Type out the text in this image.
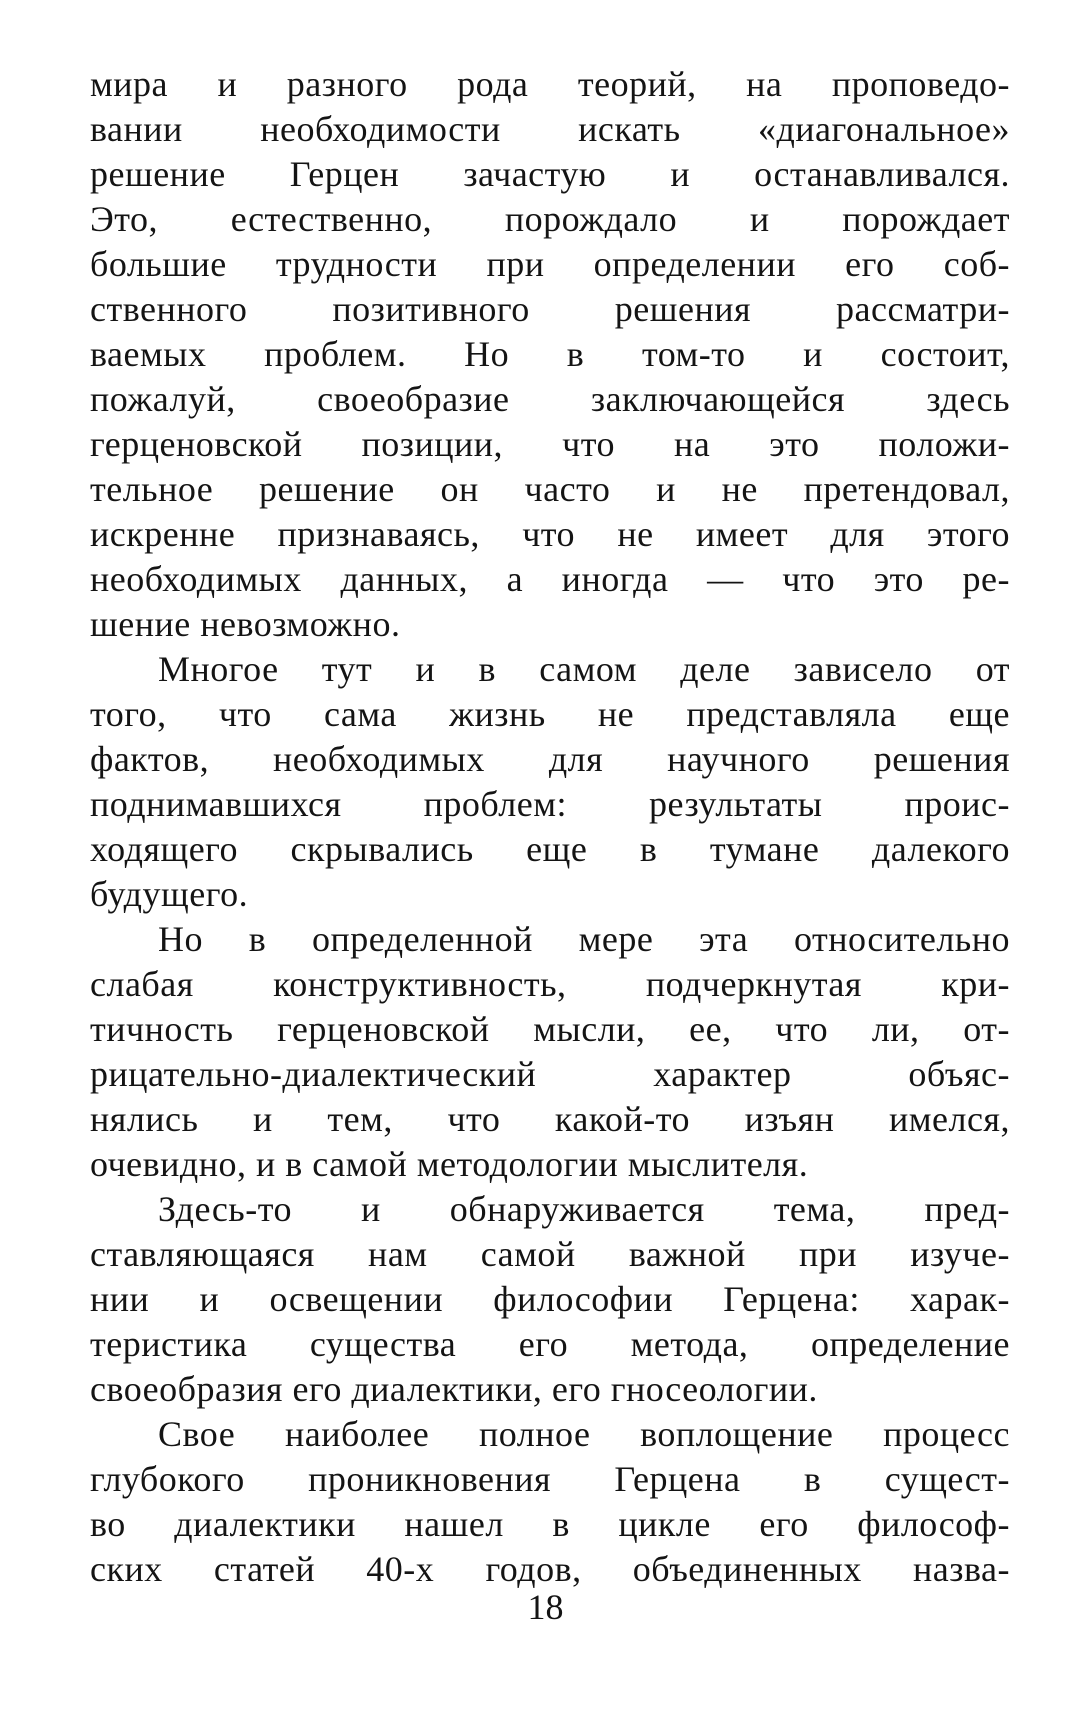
мира и разного рода теорий, на проповедо-
вании необходимости искать «диагональное»
решение Герцен зачастую и останавливался.
Это, естественно, порождало и порождает
большие трудности при определении его соб-
ственного позитивного решения рассматри-
ваемых проблем. Но в том-то и состоит,
пожалуй, своеобразие заключающейся здесь
герценовской позиции, что на это положи-
тельное решение он часто и не претендовал,
искренне признаваясь, что не имеет для этого
необходимых данных, а иногда — что это ре-
шение невозможно.
Многое тут и в самом деле зависело от
того, что сама жизнь не представляла еще
фактов, необходимых для научного решения
поднимавшихся проблем: результаты проис-
ходящего скрывались еще в тумане далекого
будущего.
Но в определенной мере эта относительно
слабая конструктивность, подчеркнутая кри-
тичность герценовской мысли, ее, что ли, от-
рицательно-диалектический характер объяс-
нялись и тем, что какой-то изъян имелся,
очевидно, и в самой методологии мыслителя.
Здесь-то и обнаруживается тема, пред-
ставляющаяся нам самой важной при изуче-
нии и освещении философии Герцена: харак-
теристика существа его метода, определение
своеобразия его диалектики, его гносеологии.
Свое наиболее полное воплощение процесс
глубокого проникновения Герцена в сущест-
во диалектики нашел в цикле его философ-
ских статей 40-х годов, объединенных назва-
18
